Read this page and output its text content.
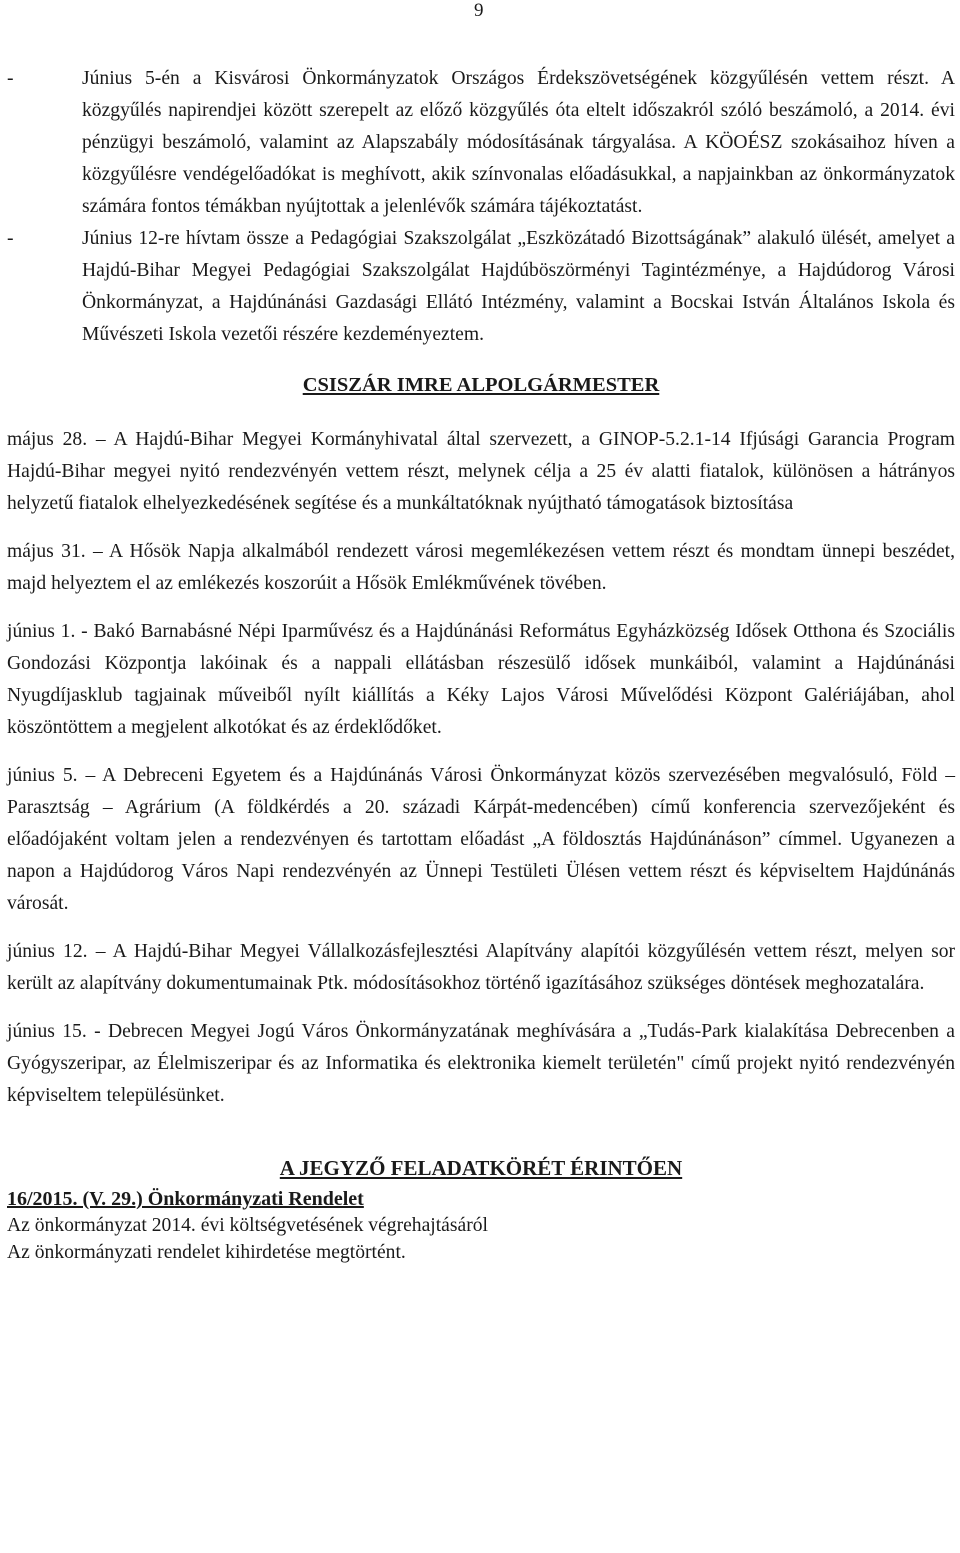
9
-	Június 5-én a Kisvárosi Önkormányzatok Országos Érdekszövetségének közgyűlésén vettem részt. A közgyűlés napirendjei között szerepelt az előző közgyűlés óta eltelt időszakról szóló beszámoló, a 2014. évi pénzügyi beszámoló, valamint az Alapszabály módosításának tárgyalása. A KÖOÉSZ szokásaihoz híven a közgyűlésre vendégelőadókat is meghívott, akik színvonalas előadásukkal, a napjainkban az önkormányzatok számára fontos témákban nyújtottak a jelenlévők számára tájékoztatást.
-	Június 12-re hívtam össze a Pedagógiai Szakszolgálat „Eszközátadó Bizottságának” alakuló ülését, amelyet a Hajdú-Bihar Megyei Pedagógiai Szakszolgálat Hajdúböszörményi Tagintézménye, a Hajdúdorog Városi Önkormányzat, a Hajdúnánási Gazdasági Ellátó Intézmény, valamint a Bocskai István Általános Iskola és Művészeti Iskola vezetői részére kezdeményeztem.

CSISZÁR IMRE ALPOLGÁRMESTER

május 28. – A Hajdú-Bihar Megyei Kormányhivatal által szervezett, a GINOP-5.2.1-14 Ifjúsági Garancia Program Hajdú-Bihar megyei nyitó rendezvényén vettem részt, melynek célja a 25 év alatti fiatalok, különösen a hátrányos helyzetű fiatalok elhelyezkedésének segítése és a munkáltatóknak nyújtható támogatások biztosítása

május 31. – A Hősök Napja alkalmából rendezett városi megemlékezésen vettem részt és mondtam ünnepi beszédet, majd helyeztem el az emlékezés koszorúit a Hősök Emlékművének tövében.

június 1. - Bakó Barnabásné Népi Iparművész és a Hajdúnánási Református Egyházközség Idősek Otthona és Szociális Gondozási Központja lakóinak és a nappali ellátásban részesülő idősek munkáiból, valamint a Hajdúnánási Nyugdíjasklub tagjainak műveiből nyílt kiállítás a Kéky Lajos Városi Művelődési Központ Galériájában, ahol köszöntöttem a megjelent alkotókat és az érdeklődőket.

június 5. – A Debreceni Egyetem és a Hajdúnánás Városi Önkormányzat közös szervezésében megvalósuló, Föld – Parasztság – Agrárium (A földkérdés a 20. századi Kárpát-medencében) című konferencia szervezőjeként és előadójaként voltam jelen a rendezvényen és tartottam előadást „A földosztás Hajdúnánáson” címmel. Ugyanezen a napon a Hajdúdorog Város Napi rendezvényén az Ünnepi Testületi Ülésen vettem részt és képviseltem Hajdúnánás városát.

június 12. – A Hajdú-Bihar Megyei Vállalkozásfejlesztési Alapítvány alapítói közgyűlésén vettem részt, melyen sor került az alapítvány dokumentumainak Ptk. módosításokhoz történő igazításához szükséges döntések meghozatalára.

június 15. - Debrecen Megyei Jogú Város Önkormányzatának meghívására a „Tudás-Park kialakítása Debrecenben a Gyógyszeripar, az Élelmiszeripar és az Informatika és elektronika kiemelt területén" című projekt nyitó rendezvényén képviseltem településünket.

A JEGYZŐ FELADATKÖRÉT ÉRINTŐEN

16/2015. (V. 29.) Önkormányzati Rendelet

Az önkormányzat 2014. évi költségvetésének végrehajtásáról

Az önkormányzati rendelet kihirdetése megtörtént.
